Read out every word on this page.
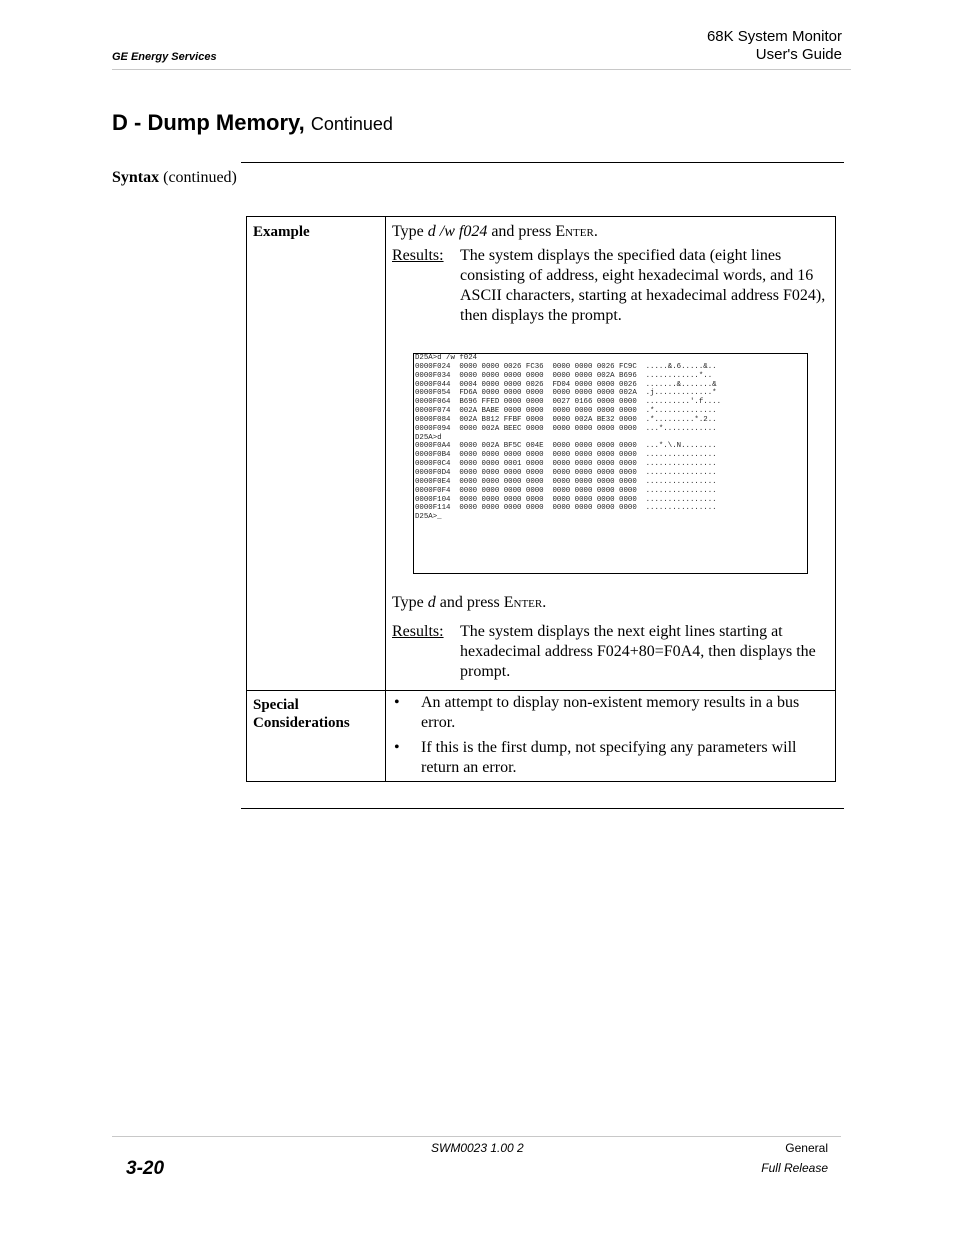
GE Energy Services
68K System Monitor
User's Guide
D - Dump Memory, Continued
Syntax (continued)
Example	Type d /w f024 and press Enter.
Results: The system displays the specified data (eight lines consisting of address, eight hexadecimal words, and 16 ASCII characters, starting at hexadecimal address F024), then displays the prompt.
D25A>d /w f024
0000F024  0000 0000 0026 FC36  0000 0000 0026 FC9C  .....&.6.....&..
0000F034  0000 0000 0000 0000  0000 0000 002A B696  ............*..
0000F044  0004 0000 0000 0026  FD04 0000 0000 0026  .......&.......&
0000F054  FD6A 0000 0000 0000  0000 0000 0000 002A  .j.............*
0000F064  B696 FFED 0000 0000  0027 0166 0000 0000  ..........'.f....
0000F074  002A BABE 0000 0000  0000 0000 0000 0000  .*..............
0000F084  002A B812 FFBF 0000  0000 002A BE32 0000  .*.........*.2..
0000F094  0000 002A BEEC 0000  0000 0000 0000 0000  ...*............
D25A>d
0000F0A4  0000 002A BF5C 004E  0000 0000 0000 0000  ...*.\.N........
0000F0B4  0000 0000 0000 0000  0000 0000 0000 0000  ................
0000F0C4  0000 0000 0001 0000  0000 0000 0000 0000  ................
0000F0D4  0000 0000 0000 0000  0000 0000 0000 0000  ................
0000F0E4  0000 0000 0000 0000  0000 0000 0000 0000  ................
0000F0F4  0000 0000 0000 0000  0000 0000 0000 0000  ................
0000F104  0000 0000 0000 0000  0000 0000 0000 0000  ................
0000F114  0000 0000 0000 0000  0000 0000 0000 0000  ................
D25A>_
Type d and press Enter.
Results: The system displays the next eight lines starting at hexadecimal address F024+80=F0A4, then displays the prompt.
Special Considerations
• An attempt to display non-existent memory results in a bus error.
• If this is the first dump, not specifying any parameters will return an error.
3-20
SWM0023 1.00 2	General
Full Release
